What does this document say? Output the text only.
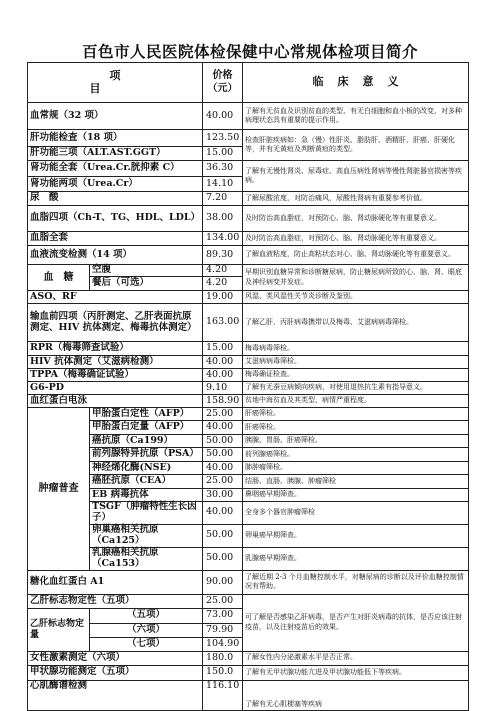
百色市人民医院体检保健中心常规体检项目简介
项　目		价格（元）	临床意义
血常规（32 项）		40.00	了解有无贫血及识别贫血的类型、有无白细胞和血小板的改变，对多种病理状态具有重要的提示作用。
肝功能检查（18 项）		123.50	检查肝脏疾病如：急（慢）性肝炎、脂肪肝、酒精肝、肝癌、肝硬化等，并有无黄疸及判断黄疸的类型。
肝功能三项（ALT.AST.GGT）		15.00	
肾功能全套（Urea.Cr.胱抑素 C）		36.30	了解有无慢性肾炎、尿毒症、高血压病性肾病等慢性肾脏器官损害等疾病。
肾功能两项（Urea.Cr）		14.10	
尿　酸		7.20	了解尿酸浓度，对防治痛风，尿酸性肾病有重要参考价值。
血脂四项（Ch-T、TG、HDL、LDL）		38.00	及时防治高血脂症，对预防心、脑、肾动脉硬化等有重要意义。
血脂全套		134.00	及时防治高血脂症，对预防心、脑、肾动脉硬化等有重要意义。
血液流变检测（14 项）		89.30	了解血液粘度，防止高粘状态对心、脑、肾动脉硬化等有重要意义。
血　糖	空腹	4.20	早期识别血糖异常和诊断糖尿病，防止糖尿病所致的心、脑、肾、眼底及神经病变并发症。
	餐后（可选）	4.20	
ASO、RF		19.00	风湿、类风湿性关节炎诊断及鉴别。
输血前四项（丙肝测定、乙肝表面抗原测定、HIV 抗体测定、梅毒抗体测定）		163.00	了解乙肝、丙肝病毒携带以及梅毒、艾滋病病毒筛检。
RPR（梅毒筛查试验）		15.00	梅毒病毒筛检。
HIV 抗体测定（艾滋病检测）		40.00	艾滋病病毒筛检。
TPPA（梅毒确证试验）		40.00	梅毒确证检查。
G6-PD		9.10	了解有无蚕豆病倾向疾病，对使用退热抗生素有指导意义。
血红蛋白电泳		158.90	贫地中海贫血及其类型、病情严重程度。
肿瘤普查	甲胎蛋白定性（AFP）	25.00	肝癌筛检。
	甲胎蛋白定量（AFP）	40.00	肝癌筛检。
	癌抗原（Ca199）	50.00	胰腺、胃肠、肝癌筛检。
	前列腺特异抗原（PSA）	50.00	前列腺癌筛检。
	神经烯化酶(NSE)	40.00	肺肿瘤筛检。
	癌胚抗原（CEA）	25.00	结肠、直肠、胰腺、肿瘤筛检
	EB 病毒抗体	30.00	鼻咽癌早期筛查。
	TSGF（肿瘤特性生长因子）	40.00	全身多个器官肿瘤筛检
	卵巢癌相关抗原（Ca125）	50.00	卵巢癌早期筛查。
	乳腺癌相关抗原（Ca153）	50.00	乳腺癌早期筛查。
糖化血红蛋白 A1		90.00	了解近期 2-3 个月血糖控制水平，对糖尿病的诊断以及评价血糖控制情况有帮助。
乙肝标志物定性（五项）		25.00	可了解是否感染乙肝病毒，是否产生对肝炎病毒的抗体，是否应该注射疫苗，以及注射疫苗后的效果。
乙肝标志物定量	（五项）	73.00	
	（六项）	79.90	
	（七项）	104.90	
女性激素测定（六项）		180.0	了解女性内分泌激素水平是否正常。
甲状腺功能测定（五项）		150.0	了解有无甲状腺功能亢进及甲状腺功能低下等疾病。
心肌酶谱检测		116.10	了解有无心肌梗塞等疾病
